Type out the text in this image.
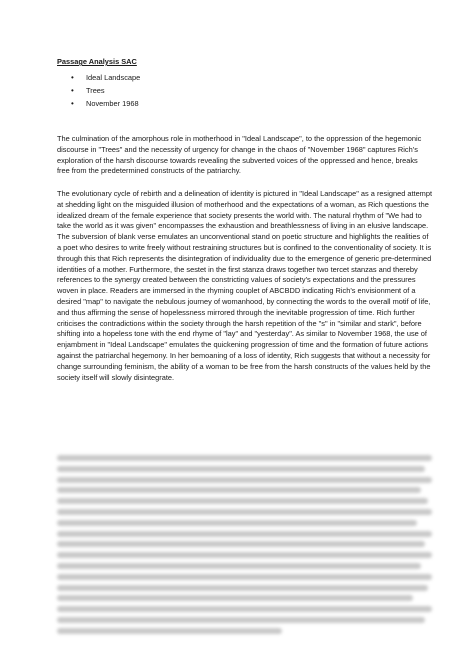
Passage Analysis SAC
• Ideal Landscape
• Trees
• November 1968

The culmination of the amorphous role in motherhood in "Ideal Landscape", to the oppression of the hegemonic discourse in "Trees" and the necessity of urgency for change in the chaos of "November 1968" captures Rich’s exploration of the harsh discourse towards revealing the subverted voices of the oppressed and hence, breaks free from the predetermined constructs of the patriarchy.

The evolutionary cycle of rebirth and a delineation of identity is pictured in "Ideal Landscape" as a resigned attempt at shedding light on the misguided illusion of motherhood and the expectations of a woman, as Rich questions the idealized dream of the female experience that society presents the world with. The natural rhythm of "We had to take the world as it was given" encompasses the exhaustion and breathlessness of living in an elusive landscape. The subversion of blank verse emulates an unconventional stand on poetic structure and highlights the realities of a poet who desires to write freely without restraining structures but is confined to the conventionality of society. It is through this that Rich represents the disintegration of individuality due to the emergence of generic pre-determined identities of a mother. Furthermore, the sestet in the first stanza draws together two tercet stanzas and thereby references to the synergy created between the constricting values of society’s expectations and the pressures woven in place. Readers are immersed in the rhyming couplet of ABCBDD indicating Rich’s envisionment of a desired "map" to navigate the nebulous journey of womanhood, by connecting the words to the overall motif of life, and thus affirming the sense of hopelessness mirrored through the inevitable progression of time. Rich further criticises the contradictions within the society through the harsh repetition of the "s" in "similar and stark", before shifting into a hopeless tone with the end rhyme of "lay" and "yesterday". As similar to November 1968, the use of enjambment in "Ideal Landscape" emulates the quickening progression of time and the formation of future actions against the patriarchal hegemony. In her bemoaning of a loss of identity, Rich suggests that without a necessity for change surrounding feminism, the ability of a woman to be free from the harsh constructs of the values held by the society itself will slowly disintegrate.
